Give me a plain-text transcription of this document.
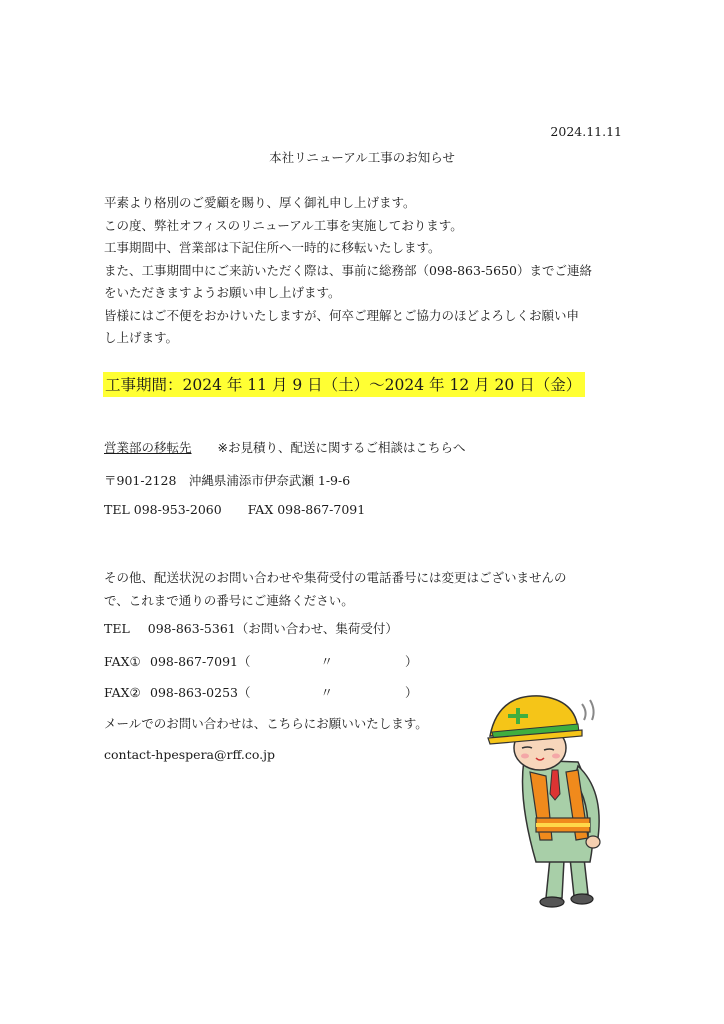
2024.11.11
本社リニューアル工事のお知らせ
平素より格別のご愛顧を賜り、厚く御礼申し上げます。
この度、弊社オフィスのリニューアル工事を実施しております。
工事期間中、営業部は下記住所へ一時的に移転いたします。
また、工事期間中にご来訪いただく際は、事前に総務部（098-863-5650）までご連絡
をいただきますようお願い申し上げます。
皆様にはご不便をおかけいたしますが、何卒ご理解とご協力のほどよろしくお願い申
し上げます。
工事期間：2024 年 11 月 9 日（土）～2024 年 12 月 20 日（金）
営業部の移転先 ※お見積り、配送に関するご相談はこちらへ
〒901-2128　沖縄県浦添市伊奈武瀬 1-9-6
TEL 098-953-2060 FAX 098-867-7091
その他、配送状況のお問い合わせや集荷受付の電話番号には変更はございませんの
で、これまで通りの番号にご連絡ください。
TEL 098-863-5361（お問い合わせ、集荷受付）
FAX① 098-867-7091（	〃	）
FAX② 098-863-0253（	〃	）
メールでのお問い合わせは、こちらにお願いいたします。
contact-hpespera@rff.co.jp
